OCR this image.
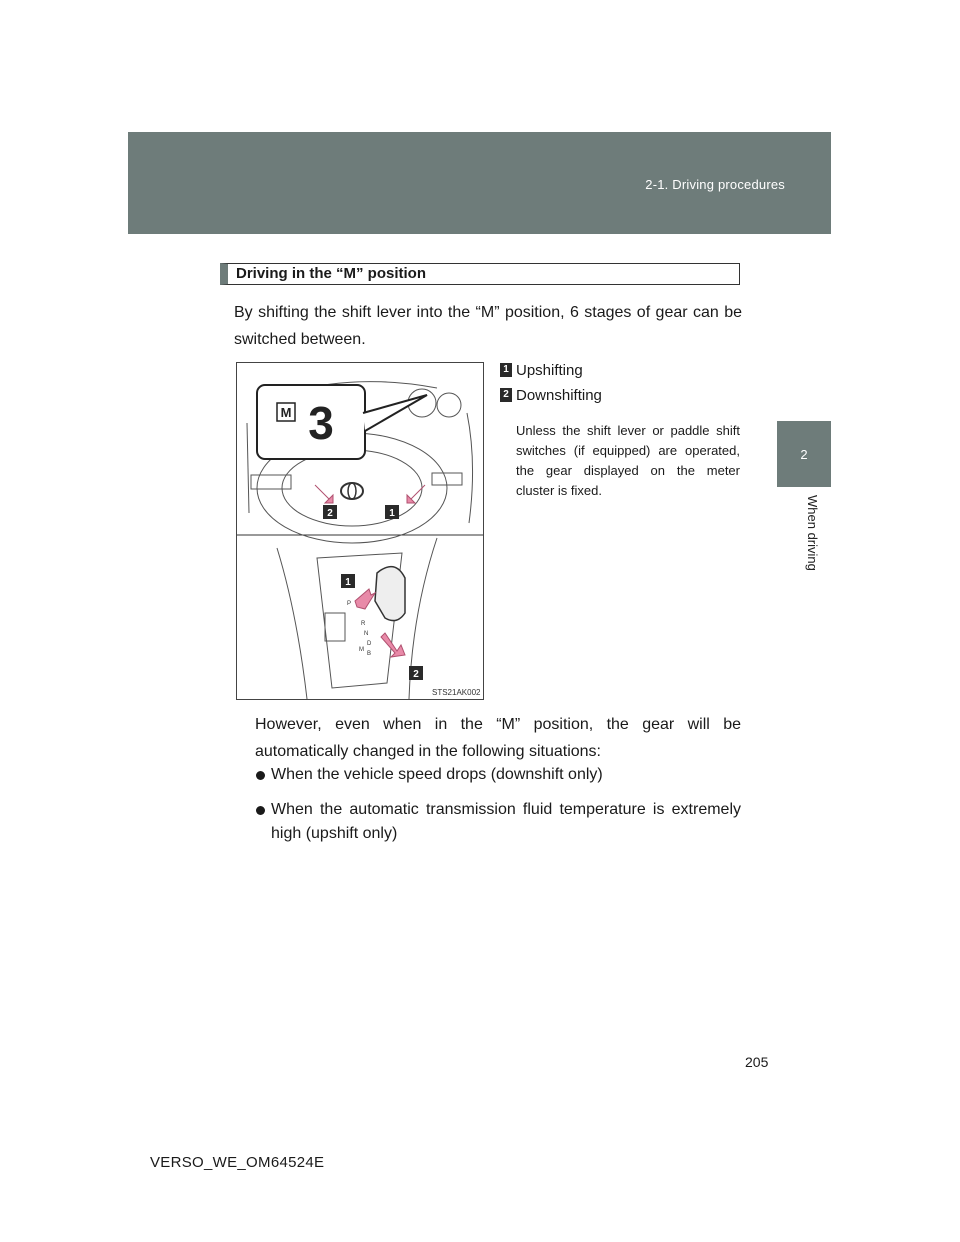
2-1. Driving procedures
2
When driving
Driving in the “M” position
By shifting the shift lever into the “M” position, 6 stages of gear can be switched between.
M 3
P
R
N
D
M
B
2	1
1
2
STS21AK002
1 Upshifting
2 Downshifting
Unless the shift lever or paddle shift switches (if equipped) are operated, the gear displayed on the meter cluster is fixed.
However, even when in the “M” position, the gear will be automatically changed in the following situations:
When the vehicle speed drops (downshift only)
When the automatic transmission fluid temperature is extremely high (upshift only)
205
VERSO_WE_OM64524E
